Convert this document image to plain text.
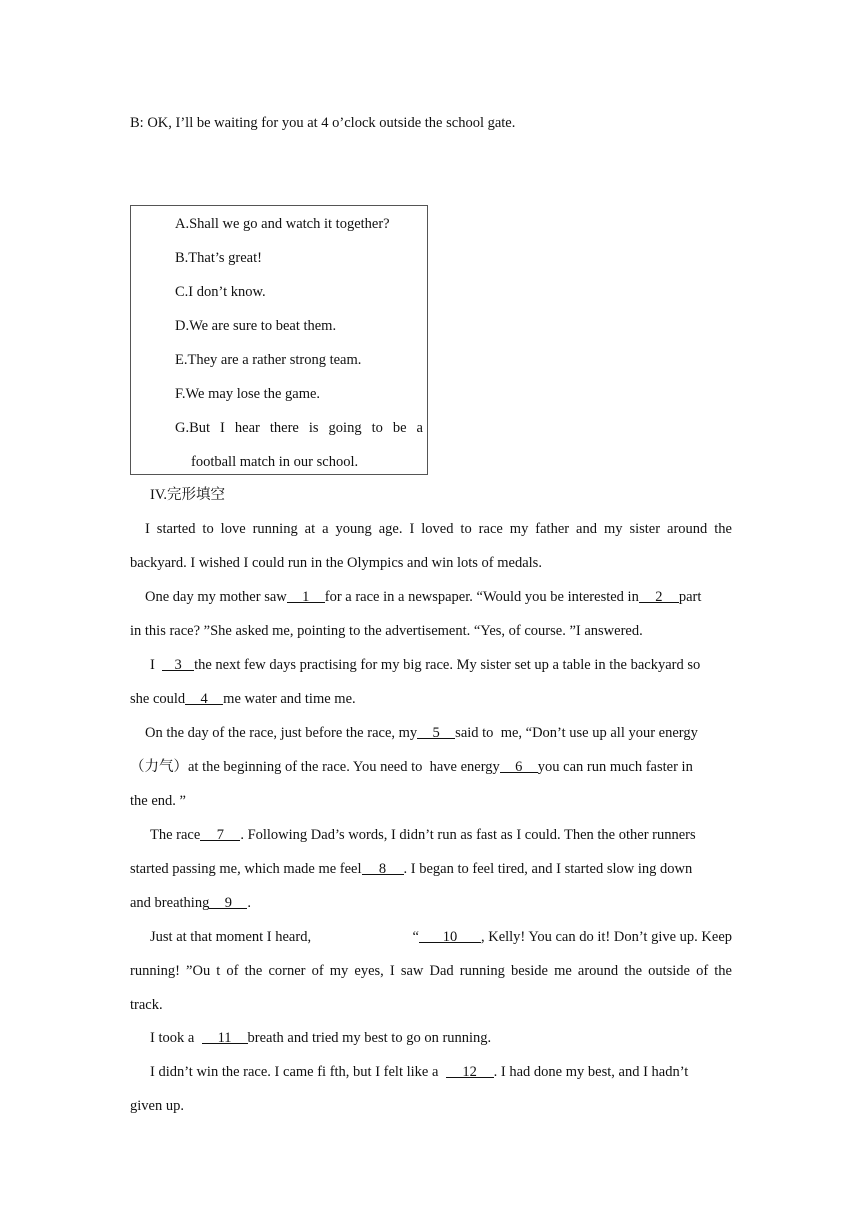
B: OK, I’ll be waiting for you at 4 o’clock outside the school gate.
A.Shall we go and watch it together?
B.That’s great!
C.I don’t know.
D.We are sure to beat them.
E.They are a rather strong team.
F.We may lose the game.
G.But I hear there is going to be a
football match in our school.
IV.完形填空
I started to love running at a young age. I loved to race my father and my sister around the
backyard. I wished I could run in the Olympics and win lots of medals.
One day my mother saw 1 for a race in a newspaper. “Would you be interested in 2 part
in this race? ”She asked me, pointing to the advertisement. “Yes, of course. ”I answered.
I 3 the next few days practising for my big race. My sister set up a table in the backyard so
she could 4 me water and time me.
On the day of the race, just before the race, my 5 said to me, “Don’t use up all your energy
（力气）at the beginning of the race. You need to have energy 6 you can run much faster in
the end. ”
The race 7 . Following Dad’s words, I didn’t run as fast as I could. Then the other runners
started passing me, which made me feel 8 . I began to feel tired, and I started slow ing down
and breathing 9 .
Just at that moment I heard,	“ 10 , Kelly! You can do it! Don’t give up. Keep
running! ”Ou t of the corner of my eyes, I saw Dad running beside me around the outside of the
track.
I took a 11 breath and tried my best to go on running.
I didn’t win the race. I came fi fth, but I felt like a 12 . I had done my best, and I hadn’t
given up.
